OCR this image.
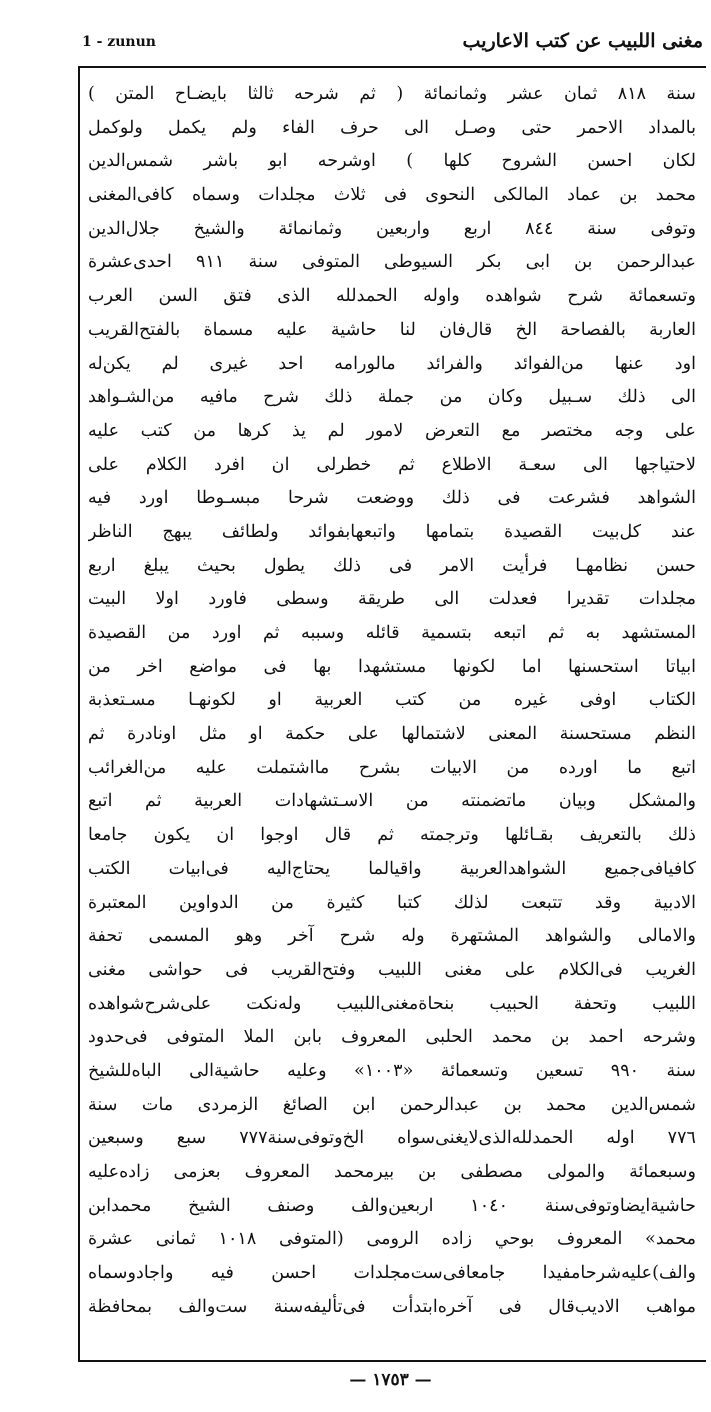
مغنى اللبيب عن كتب الاعاريب
1 - zunun
سنة ٨١٨ ثمان عشر وثمانمائة ( ثم شرحه ثالثا بايضـاح المتن )
بالمداد الاحمر حتى وصـل الى حرف الفاء ولم يكمل ولوكمل
لكان احسن الشروح كلها ) اوشرحه ابو باشر شمس‌الدين
محمد بن عماد المالكى النحوى فى ثلاث مجلدات وسماه كافى‌المغنى
وتوفى سنة ٨٤٤ اربع واربعين وثمانمائة والشيخ جلال‌الدين
عبدالرحمن بن ابى بكر السيوطى المتوفى سنة ٩١١ احدى‌عشرة
وتسعمائة شرح شواهده واوله الحمدلله الذى فتق السن العرب
العاربة بالفصاحة الخ قال‌فان لنا حاشية عليه مسماة بالفتح‌القريب
اود عنها من‌الفوائد والفرائد مالورامه احد غيرى لم يكن‌له
الى ذلك سـبيل وكان من جملة ذلك شرح مافيه من‌الشـواهد
على وجه مختصر مع التعرض لامور لم يذ كرها من كتب عليه
لاحتياجها الى سعـة الاطلاع ثم خطرلى ان افرد الكلام على
الشواهد فشرعت فى ذلك ووضعت شرحا مبسـوطا اورد فيه
عند كل‌بيت القصيدة بتمامها واتبعها‌بفوائد ولطائف يبهج الناظر
حسن نظامهـا فرأيت الامر فى ذلك يطول بحيث يبلغ اربع
مجلدات تقديرا فعدلت الى طريقة وسطى فاورد اولا البيت
المستشهد به ثم اتبعه بتسمية قائله وسببه ثم اورد من القصيدة
ابياتا استحسنها اما لكونها مستشهدا بها فى مواضع اخر من
الكتاب اوفى غيره من كتب العربية او لكونهـا مسـتعذبة
النظم مستحسنة المعنى لاشتمالها على حكمة او مثل اونادرة ثم
اتبع ما اورده من الابيات بشرح مااشتملت عليه من‌الغرائب
والمشكل وبيان ماتضمنته من الاسـتشهادات العربية ثم اتبع
ذلك بالتعريف بقـائلها وترجمته ثم قال اوجوا ان يكون جامعا
كافيافى‌جميع الشواهدالعربية واقيا‌لما يحتاج‌اليه فى‌ابيات الكتب
الادبية وقد تتبعت لذلك كتبا كثيرة من الدواوين المعتبرة
والامالى والشواهد المشتهرة وله شرح آخر وهو المسمى تحفة
الغريب فى‌الكلام على مغنى اللبيب وفتح‌القريب فى حواشى مغنى
اللبيب وتحفة الحبيب بنحاة‌مغنى‌اللبيب وله‌نكت على‌شرح‌شواهده
وشرحه احمد بن محمد الحلبى المعروف بابن الملا المتوفى فى‌حدود
سنة ٩٩٠ تسعين وتسعمائة «١٠٠٣» وعليه حاشية‌الى الباه‌للشيخ
شمس‌الدين محمد بن عبدالرحمن ابن الصائغ الزمردى مات سنة
٧٧٦ اوله الحمدلله‌الذى‌لايغنى‌سواه الخ‌وتوفى‌سنة‌٧٧٧ سبع وسبعين
وسبعمائة والمولى مصطفى بن بيرمحمد المعروف بعزمى زاده‌عليه
حاشية‌ايضاوتوفى‌سنة ١٠٤٠ اربعين‌والف وصنف الشيخ محمدابن
محمد» المعروف بوحي زاده الرومى (المتوفى ١٠١٨ ثمانى عشرة
والف)عليه‌شرحامفيدا جامعافى‌ست‌مجلدات احسن فيه واجادوسماه
مواهب الاديب‌قال فى آخره‌ابتدأت فى‌تأليفه‌سنة ست‌والف بمحافظة
— ١٧٥٣ —
